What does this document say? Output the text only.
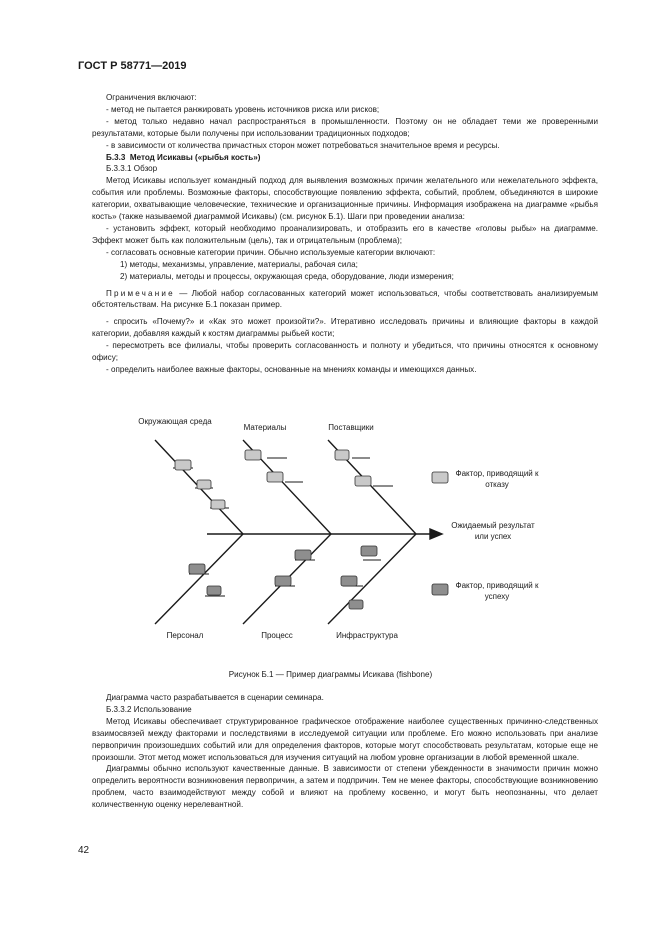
ГОСТ Р 58771—2019

Ограничения включают:

- метод не пытается ранжировать уровень источников риска или рисков;

- метод только недавно начал распространяться в промышленности. Поэтому он не обладает теми же проверенными результатами, которые были получены при использовании традиционных подходов;

- в зависимости от количества причастных сторон может потребоваться значительное время и ресурсы.

Б.3.3 Метод Исикавы («рыбья кость»)

Б.3.3.1 Обзор

Метод Исикавы использует командный подход для выявления возможных причин желательного или нежелательного эффекта, события или проблемы. Возможные факторы, способствующие появлению эффекта, событий, проблем, объединяются в широкие категории, охватывающие человеческие, технические и организационные причины. Информация изображена на диаграмме «рыбья кость» (также называемой диаграммой Исикавы) (см. рисунок Б.1). Шаги при проведении анализа:

- установить эффект, который необходимо проанализировать, и отобразить его в качестве «головы рыбы» на диаграмме. Эффект может быть как положительным (цель), так и отрицательным (проблема);

- согласовать основные категории причин. Обычно используемые категории включают:

1) методы, механизмы, управление, материалы, рабочая сила;

2) материалы, методы и процессы, окружающая среда, оборудование, люди измерения;

Примечание — Любой набор согласованных категорий может использоваться, чтобы соответствовать анализируемым обстоятельствам. На рисунке Б.1 показан пример.

- спросить «Почему?» и «Как это может произойти?». Итеративно исследовать причины и влияющие факторы в каждой категории, добавляя каждый к костям диаграммы рыбьей кости;

- пересмотреть все филиалы, чтобы проверить согласованность и полноту и убедиться, что причины относятся к основному офису;

- определить наиболее важные факторы, основанные на мнениях команды и имеющихся данных.

Окружающая среда
Материалы	Поставщики
Персонал	Процесс	Инфраструктура
Ожидаемый результат или успех
Фактор, приводящий к отказу
Фактор, приводящий к успеху
Рисунок Б.1 — Пример диаграммы Исикава (fishbone)

Диаграмма часто разрабатывается в сценарии семинара.

Б.3.3.2 Использование

Метод Исикавы обеспечивает структурированное графическое отображение наиболее существенных причинно-следственных взаимосвязей между факторами и последствиями в исследуемой ситуации или проблеме. Его можно использовать при анализе первопричин произошедших событий или для определения факторов, которые могут способствовать результатам, которые еще не произошли. Этот метод может использоваться для изучения ситуаций на любом уровне организации в любой временной шкале.

Диаграммы обычно используют качественные данные. В зависимости от степени убежденности в значимости причин можно определить вероятности возникновения первопричин, а затем и подпричин. Тем не менее факторы, способствующие возникновению проблем, часто взаимодействуют между собой и влияют на проблему косвенно, и могут быть неопознанны, что делает количественную оценку нерелевантной.

42
